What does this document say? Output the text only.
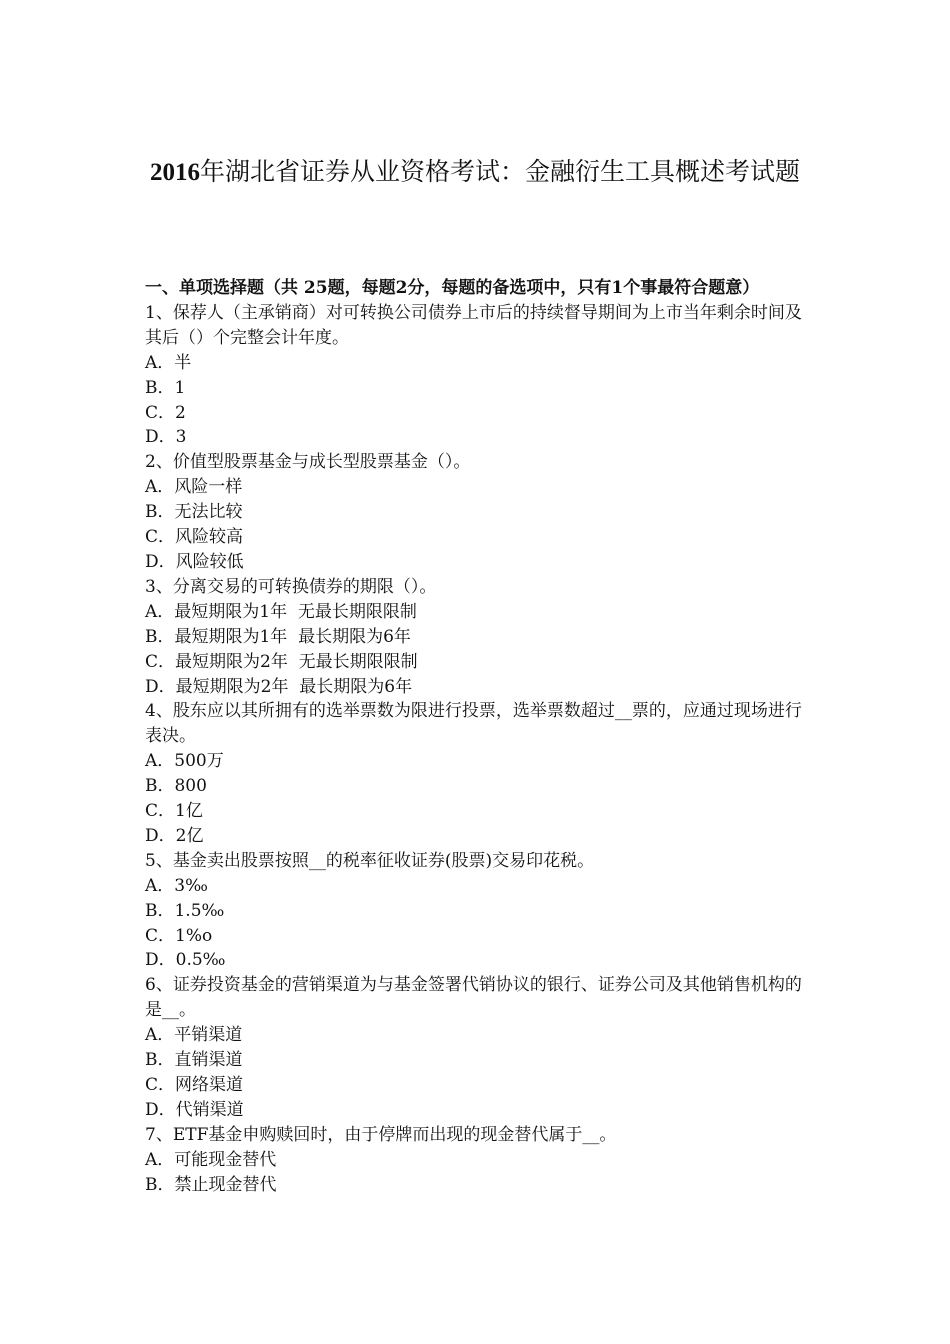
2016年湖北省证券从业资格考试：金融衍生工具概述考试题

一、单项选择题（共 25题，每题2分，每题的备选项中，只有1个事最符合题意）

1、保荐人（主承销商）对可转换公司债券上市后的持续督导期间为上市当年剩余时间及其后（）个完整会计年度。

A．半

B．1

C．2

D．3

2、价值型股票基金与成长型股票基金（）。

A．风险一样

B．无法比较

C．风险较高

D．风险较低

3、分离交易的可转换债券的期限（）。

A．最短期限为1年  无最长期限限制

B．最短期限为1年  最长期限为6年

C．最短期限为2年  无最长期限限制

D．最短期限为2年  最长期限为6年

4、股东应以其所拥有的选举票数为限进行投票，选举票数超过__票的，应通过现场进行表决。

A．500万

B．800

C．1亿

D．2亿

5、基金卖出股票按照__的税率征收证券(股票)交易印花税。

A．3‰

B．1.5‰

C．1%o

D．0.5‰

6、证券投资基金的营销渠道为与基金签署代销协议的银行、证券公司及其他销售机构的是__。

A．平销渠道

B．直销渠道

C．网络渠道

D．代销渠道

7、ETF基金申购赎回时，由于停牌而出现的现金替代属于__。

A．可能现金替代

B．禁止现金替代
